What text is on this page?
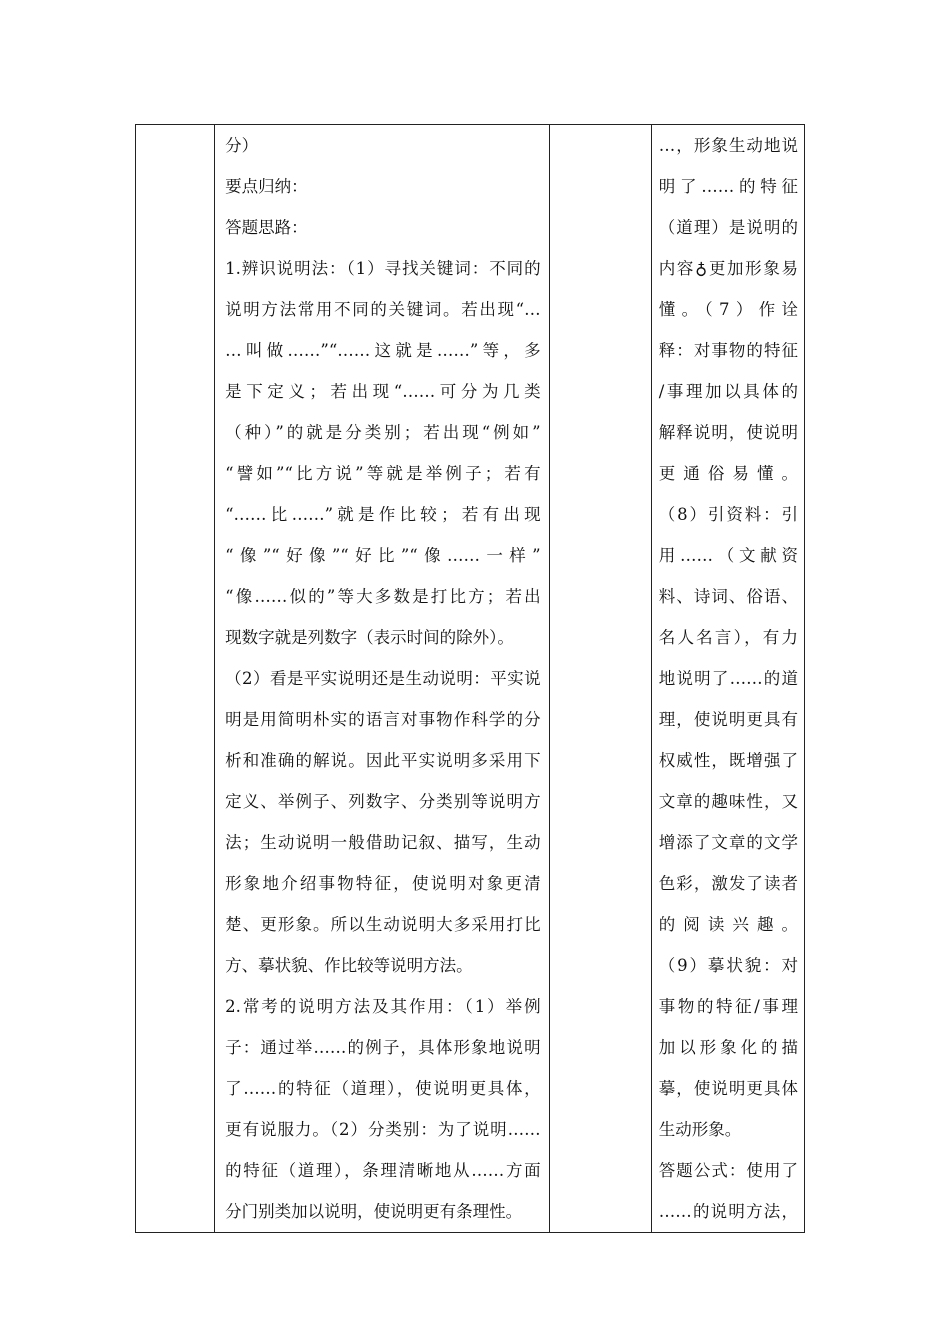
分）
要点归纳：
答题思路：
1.辨识说明法：（1）寻找关键词：不同的
说明方法常用不同的关键词。若出现“…
…叫做……”“……这就是……”等，多
是下定义；若出现“……可分为几类
（种）”的就是分类别；若出现“例如”
“譬如”“比方说”等就是举例子；若有
“……比……”就是作比较；若有出现
“像”“好像”“好比”“像……一样”
“像……似的”等大多数是打比方；若出
现数字就是列数字（表示时间的除外）。
（2）看是平实说明还是生动说明：平实说
明是用简明朴实的语言对事物作科学的分
析和准确的解说。因此平实说明多采用下
定义、举例子、列数字、分类别等说明方
法；生动说明一般借助记叙、描写，生动
形象地介绍事物特征，使说明对象更清
楚、更形象。所以生动说明大多采用打比
方、摹状貌、作比较等说明方法。
2.常考的说明方法及其作用：（1）举例
子：通过举……的例子，具体形象地说明
了……的特征（道理），使说明更具体，
更有说服力。（2）分类别：为了说明……
的特征（道理），条理清晰地从……方面
分门别类加以说明，使说明更有条理性。

…，形象生动地说
明了……的特征
（道理）是说明的
内容♁更加形象易
懂。（7）作诠
释：对事物的特征
/事理加以具体的
解释说明，使说明
更通俗易懂。
（8）引资料：引
用……（文献资
料、诗词、俗语、
名人名言），有力
地说明了……的道
理，使说明更具有
权威性，既增强了
文章的趣味性，又
增添了文章的文学
色彩，激发了读者
的阅读兴趣。
（9）摹状貌：对
事物的特征/事理
加以形象化的描
摹，使说明更具体
生动形象。
答题公式：使用了
……的说明方法，
